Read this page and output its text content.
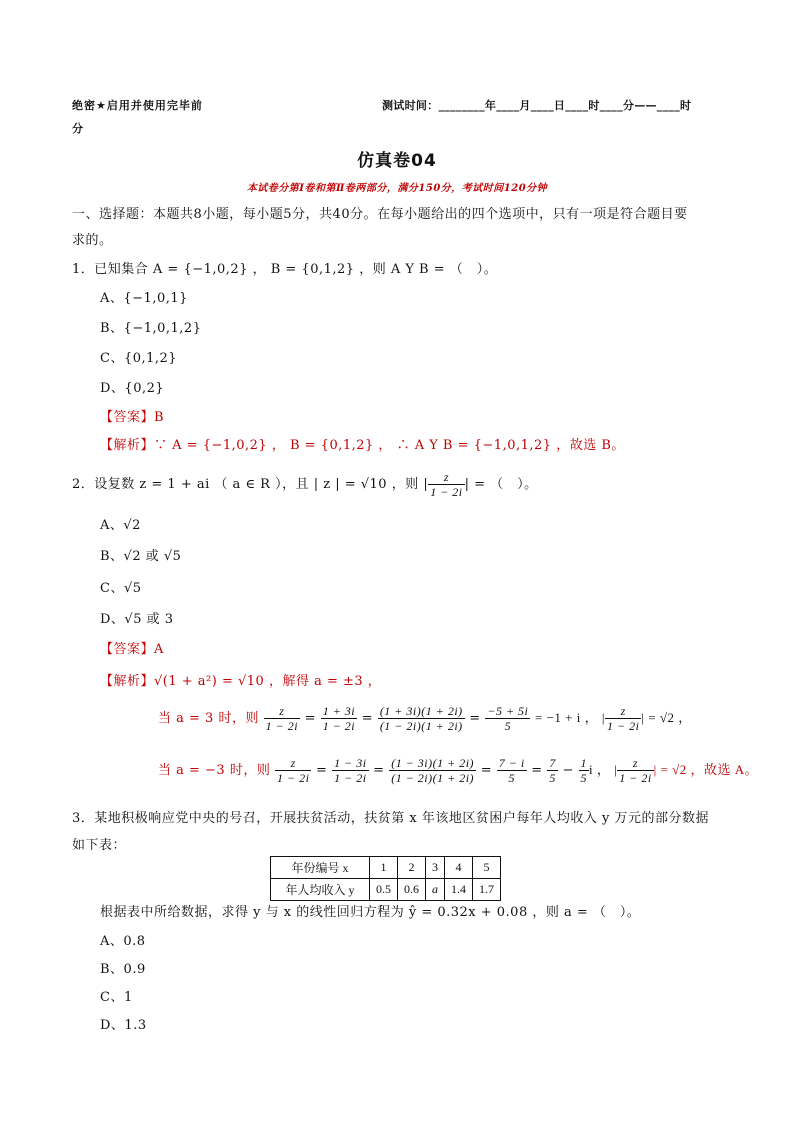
绝密★启用并使用完毕前
分
测试时间：________年____月____日____时____分——____时
仿真卷04
本试卷分第Ⅰ卷和第Ⅱ卷两部分，满分150分，考试时间120分钟
一、选择题：本题共8小题，每小题5分，共40分。在每小题给出的四个选项中，只有一项是符合题目要
求的。
1．已知集合 A = {−1,0,2} ， B = {0,1,2} ，则 A Y B = （　）。
A、{−1,0,1}
B、{−1,0,1,2}
C、{0,1,2}
D、{0,2}
【答案】B
【解析】∵ A = {−1,0,2} ， B = {0,1,2} ， ∴ A Y B = {−1,0,1,2} ，故选 B。
2．设复数 z = 1 + ai （ a ∈ R ），且 | z | = √10 ，则 | $\frac{z}{1 - 2i}$ | = （　）。
A、√2
B、√2 或 √5
C、√5
D、√5 或 3
【答案】A
【解析】√(1 + a²) = √10 ，解得 a = ±3 ，
当 a = 3 时，则 $\frac{z}{1 - 2i} = \frac{1 + 3i}{1 - 2i} = \frac{(1 + 3i)(1 + 2i)}{(1 - 2i)(1 + 2i)} = \frac{-5 + 5i}{5} = -1 + i$ ， | $\frac{z}{1 - 2i}$ | = √2 ，
当 a = −3 时，则 $\frac{z}{1 - 2i} = \frac{1 - 3i}{1 - 2i} = \frac{(1 - 3i)(1 + 2i)}{(1 - 2i)(1 + 2i)} = \frac{7 - i}{5} = \frac{7}{5} - \frac{1}{5}$ i ， | $\frac{z}{1 - 2i}$ | = √2 ，故选 A。
3．某地积极响应党中央的号召，开展扶贫活动，扶贫第 x 年该地区贫困户每年人均收入 y 万元的部分数据
如下表：
年份编号 x	1	2	3	4	5
年人均收入 y	0.5	0.6	a	1.4	1.7
根据表中所给数据，求得 y 与 x 的线性回归方程为 ŷ = 0.32x + 0.08 ，则 a = （　）。
A、0.8
B、0.9
C、1
D、1.3
